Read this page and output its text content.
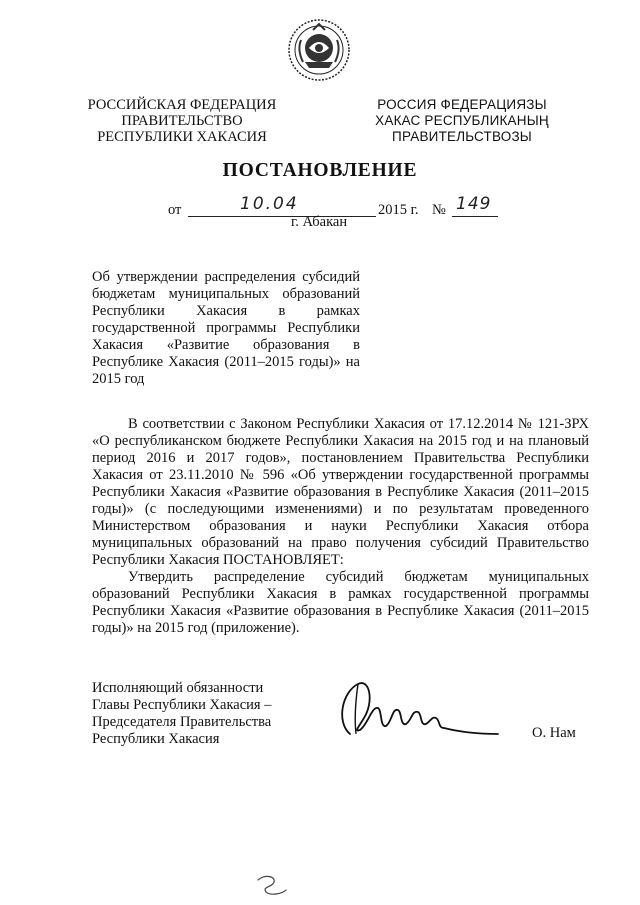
РОССИЙСКАЯ ФЕДЕРАЦИЯ
ПРАВИТЕЛЬСТВО
РЕСПУБЛИКИ ХАКАСИЯ
РОССИЯ ФЕДЕРАЦИЯЗЫ
ХАКАС РЕСПУБЛИКАНЫҢ
ПРАВИТЕЛЬСТВОЗЫ
ПОСТАНОВЛЕНИЕ
от	10.04	2015 г. № 149
г. Абакан

Об утверждении распределения субсидий бюджетам муниципальных образований Республики Хакасия в рамках государственной программы Республики Хакасия «Развитие образования в Республике Хакасия (2011–2015 годы)» на 2015 год

В соответствии с Законом Республики Хакасия от 17.12.2014 № 121-ЗРХ «О республиканском бюджете Республики Хакасия на 2015 год и на плановый период 2016 и 2017 годов», постановлением Правительства Республики Хакасия от 23.11.2010 № 596 «Об утверждении государственной программы Республики Хакасия «Развитие образования в Республике Хакасия (2011–2015 годы)» (с последующими изменениями) и по результатам проведенного Министерством образования и науки Республики Хакасия отбора муниципальных образований на право получения субсидий Правительство Республики Хакасия ПОСТАНОВЛЯЕТ:

Утвердить распределение субсидий бюджетам муниципальных образований Республики Хакасия в рамках государственной программы Республики Хакасия «Развитие образования в Республике Хакасия (2011–2015 годы)» на 2015 год (приложение).

Исполняющий обязанности
Главы Республики Хакасия –
Председателя Правительства
Республики Хакасия	О. Нам
